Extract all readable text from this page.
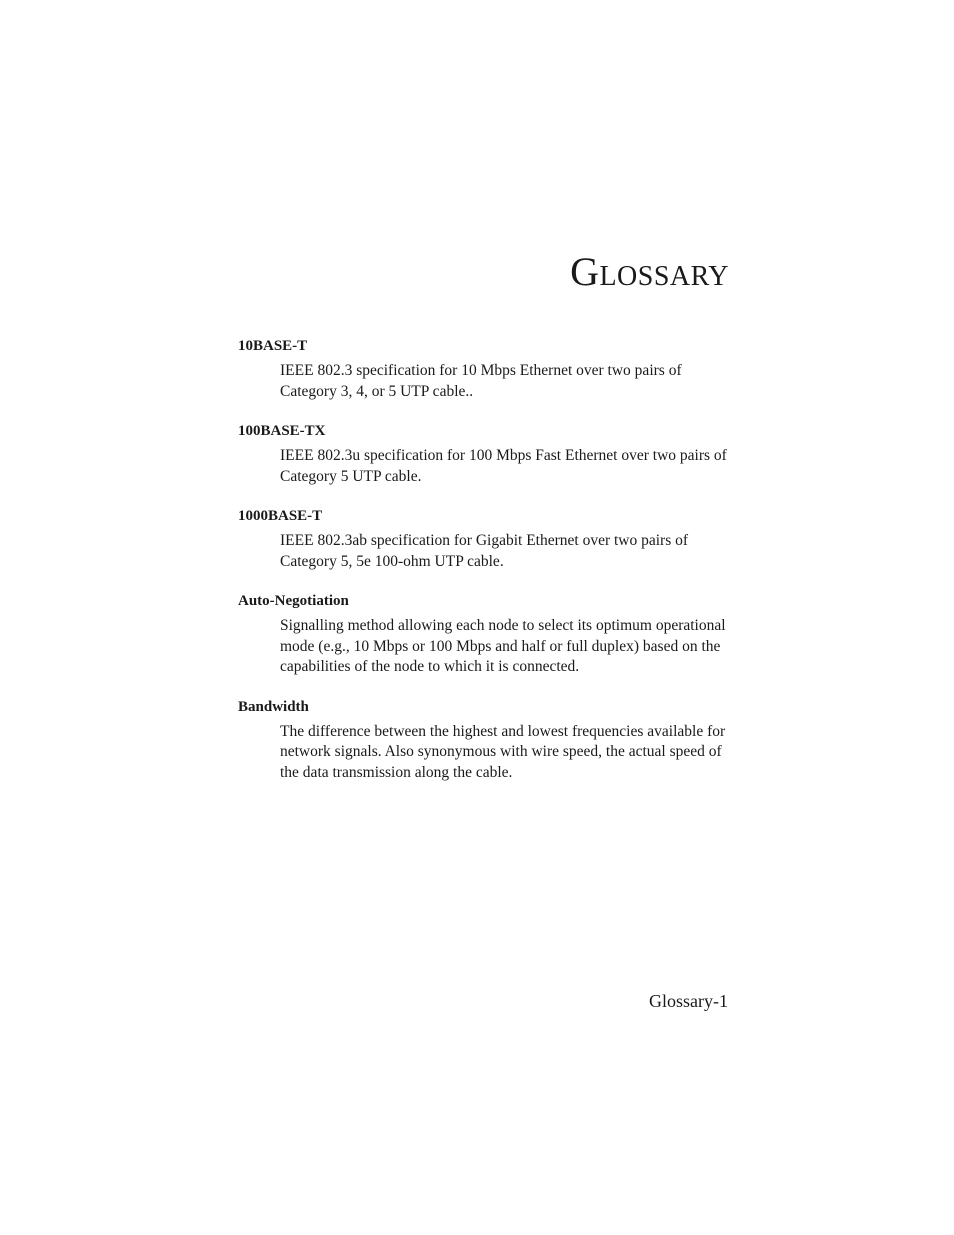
Glossary
10BASE-T
IEEE 802.3 specification for 10 Mbps Ethernet over two pairs of Category 3, 4, or 5 UTP cable..
100BASE-TX
IEEE 802.3u specification for 100 Mbps Fast Ethernet over two pairs of Category 5 UTP cable.
1000BASE-T
IEEE 802.3ab specification for Gigabit Ethernet over two pairs of Category 5, 5e 100-ohm UTP cable.
Auto-Negotiation
Signalling method allowing each node to select its optimum operational mode (e.g., 10 Mbps or 100 Mbps and half or full duplex) based on the capabilities of the node to which it is connected.
Bandwidth
The difference between the highest and lowest frequencies available for network signals. Also synonymous with wire speed, the actual speed of the data transmission along the cable.
Glossary-1
